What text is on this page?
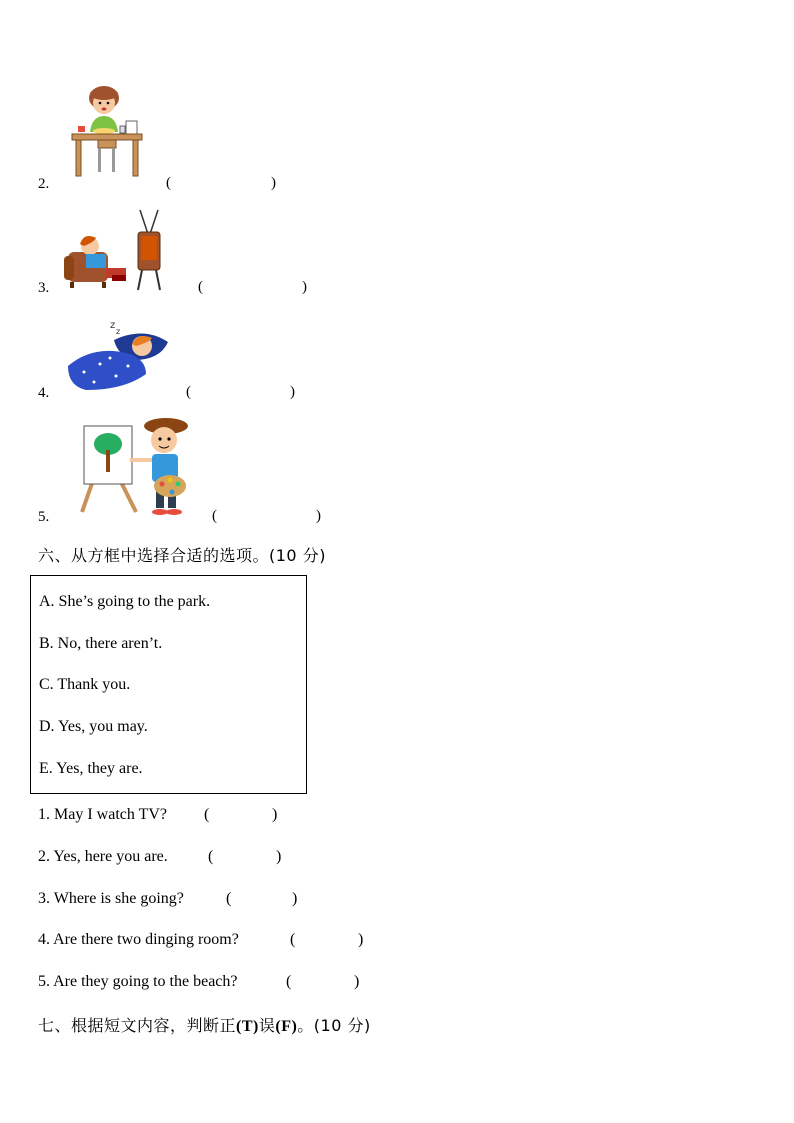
2.	(	)
3.	(	)
z
z
4.	(	)
5.	(	)
六、从方框中选择合适的选项。(10 分)
A. She’s going to the park.
B. No, there aren’t.
C. Thank you.
D. Yes, you may.
E. Yes, they are.
1. May I watch TV? (	)
2. Yes, here you are.	(	)
3. Where is she going?	(	)
4. Are there two dinging room?	(	)
5. Are they going to the beach?	(	)
七、根据短文内容，判断正(T)误(F)。(10 分)
